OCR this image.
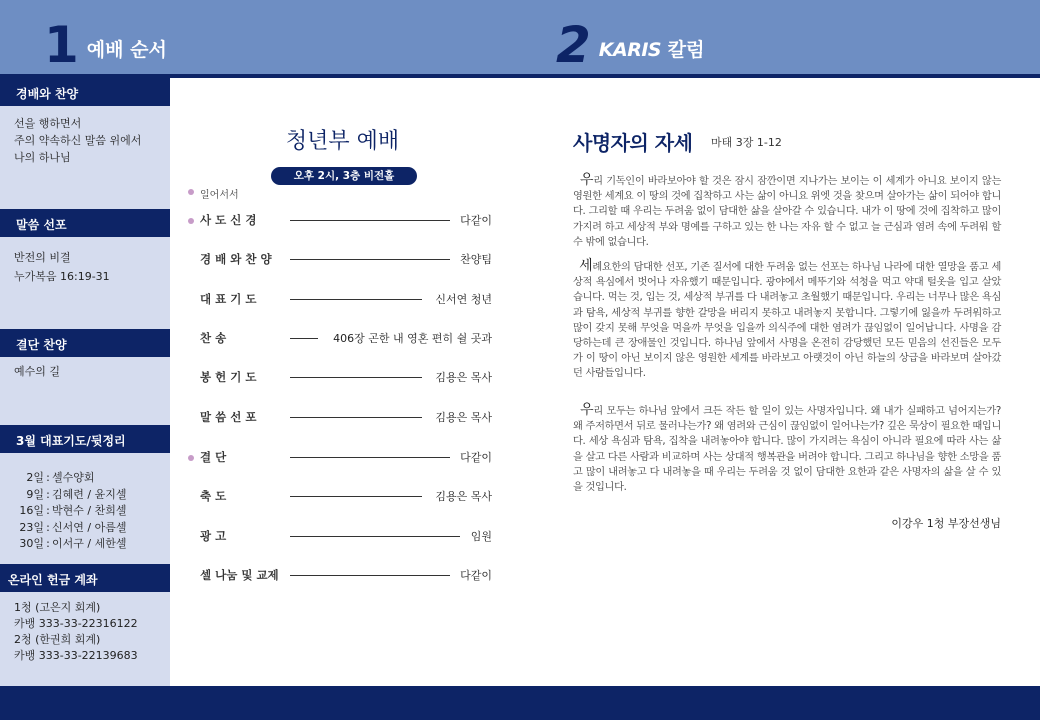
1 예배 순서	2 KARIS 칼럼
경배와 찬양
선을 행하면서
주의 약속하신 말씀 위에서
나의 하나님
말씀 선포
반전의 비결
누가복음 16:19-31
결단 찬양
예수의 길
3월 대표기도/뒷정리
2일 : 셀수양회
9일 : 김혜련 / 윤지셀
16일 : 박현수 / 찬희셀
23일 : 신서연 / 아름셀
30일 : 이서구 / 세한셀
온라인 헌금 계좌
1청 (고은지 회계)
카뱅 333-33-22316122
2청 (한권희 회계)
카뱅 333-33-22139683
청년부 예배
오후 2시, 3층 비전홀
일어서서
사 도 신 경	다같이
경 배 와 찬 양	찬양팀
대 표 기 도	신서연 청년
찬 송	406장 곤한 내 영혼 편히 쉴 곳과
봉 헌 기 도	김용은 목사
말 씀 선 포	김용은 목사
결 단	다같이
축 도	김용은 목사
광 고	임원
셀 나눔 및 교제	다같이
사명자의 자세 마태 3장 1-12
우리 기독인이 바라보아야 할 것은 잠시 잠깐이면 지나가는 보이는 이 세계가 아니요 보이지 않는 영원한 세계요 이 땅의 것에 집착하고 사는 삶이 아니요 위엣 것을 찾으며 살아가는 삶이 되어야 합니다. 그리할 때 우리는 두려움 없이 담대한 삶을 살아갈 수 있습니다. 내가 이 땅에 것에 집착하고 많이 가지려 하고 세상적 부와 명예를 구하고 있는 한 나는 자유 할 수 없고 늘 근심과 염려 속에 두려워 할 수 밖에 없습니다.
세례요한의 담대한 선포, 기존 질서에 대한 두려움 없는 선포는 하나님 나라에 대한 열망을 품고 세상적 욕심에서 벗어나 자유했기 때문입니다. 광야에서 메뚜기와 석청을 먹고 약대 털옷을 입고 살았습니다. 먹는 것, 입는 것, 세상적 부귀를 다 내려놓고 초월했기 때문입니다. 우리는 너무나 많은 욕심과 탐욕, 세상적 부귀를 향한 갈망을 버리지 못하고 내려놓지 못합니다. 그렇기에 잃을까 두려워하고 많이 갖지 못해 무엇을 먹을까 무엇을 입을까 의식주에 대한 염려가 끊임없이 일어납니다. 사명을 감당하는데 큰 장애물인 것입니다. 하나님 앞에서 사명을 온전히 감당했던 모든 믿음의 선진들은 모두가 이 땅이 아닌 보이지 않은 영원한 세계를 바라보고 아랫것이 아닌 하늘의 상급을 바라보며 살아갔던 사람들입니다.
우리 모두는 하나님 앞에서 크든 작든 할 일이 있는 사명자입니다. 왜 내가 실패하고 넘어지는가? 왜 주저하면서 뒤로 물러나는가? 왜 염려와 근심이 끊임없이 일어나는가? 깊은 묵상이 필요한 때입니다. 세상 욕심과 탐욕, 집착을 내려놓아야 합니다. 많이 가지려는 욕심이 아니라 필요에 따라 사는 삶을 살고 다른 사람과 비교하며 사는 상대적 행복관을 버려야 합니다. 그리고 하나님을 향한 소망을 품고 많이 내려놓고 다 내려놓을 때 우리는 두려움 것 없이 담대한 요한과 같은 사명자의 삶을 살 수 있을 것입니다.
이강우 1청 부장선생님
